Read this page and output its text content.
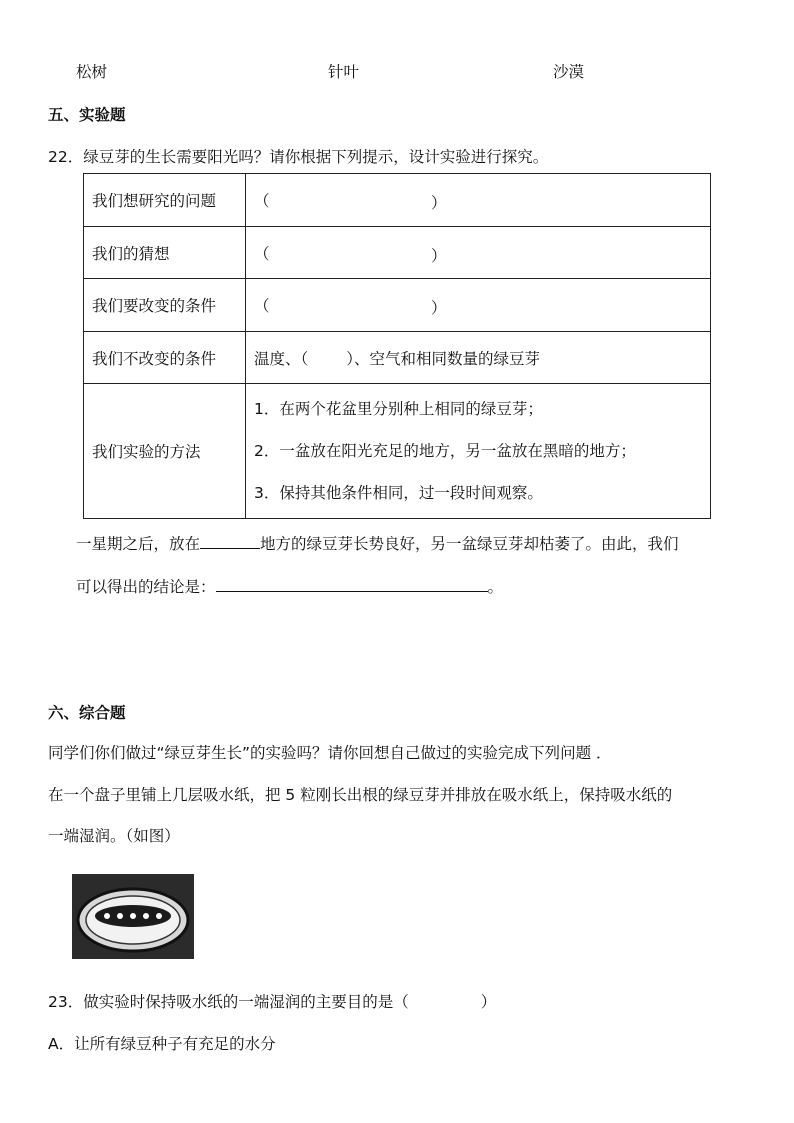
松树	针叶	沙漠
五、实验题
22．绿豆芽的生长需要阳光吗？请你根据下列提示，设计实验进行探究。
我们想研究的问题	（ ）

我们的猜想	（ ）

我们要改变的条件	（ ）

我们不改变的条件	温度、（ ）、空气和相同数量的绿豆芽
我们实验的方法	1．在两个花盆里分别种上相同的绿豆芽；
2．一盆放在阳光充足的地方，另一盆放在黑暗的地方；
3．保持其他条件相同，过一段时间观察。
一星期之后，放在	地方的绿豆芽长势良好，另一盆绿豆芽却枯萎了。由此，我们
可以得出的结论是：	。
六、综合题
同学们你们做过“绿豆芽生长”的实验吗？请你回想自己做过的实验完成下列问题 ．
在一个盘子里铺上几层吸水纸，把 5 粒刚长出根的绿豆芽并排放在吸水纸上，保持吸水纸的
一端湿润。（如图）
23．做实验时保持吸水纸的一端湿润的主要目的是（	）
A．让所有绿豆种子有充足的水分
